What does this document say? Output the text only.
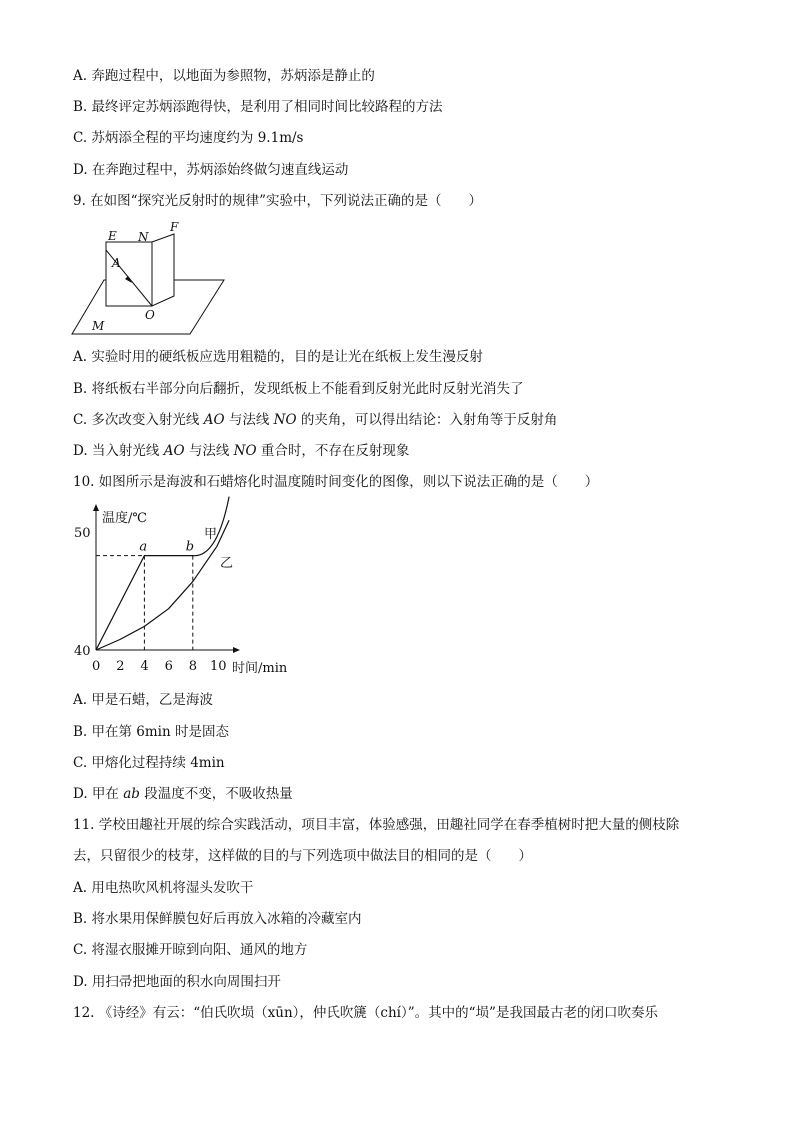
A. 奔跑过程中，以地面为参照物，苏炳添是静止的
B. 最终评定苏炳添跑得快，是利用了相同时间比较路程的方法
C. 苏炳添全程的平均速度约为 9.1m/s
D. 在奔跑过程中，苏炳添始终做匀速直线运动
9. 在如图“探究光反射时的规律”实验中，下列说法正确的是（　　）
E N
F
A
O
M
A. 实验时用的硬纸板应选用粗糙的，目的是让光在纸板上发生漫反射
B. 将纸板右半部分向后翻折，发现纸板上不能看到反射光此时反射光消失了
C. 多次改变入射光线 AO 与法线 NO 的夹角，可以得出结论：入射角等于反射角
D. 当入射光线 AO 与法线 NO 重合时，不存在反射现象
10. 如图所示是海波和石蜡熔化时温度随时间变化的图像，则以下说法正确的是（　　）
温度/℃
时间/min
40
50
0 2 4 6 8 10
a	b
甲
乙
A. 甲是石蜡，乙是海波
B. 甲在第 6min 时是固态
C. 甲熔化过程持续 4min
D. 甲在 ab 段温度不变，不吸收热量
11. 学校田趣社开展的综合实践活动，项目丰富，体验感强，田趣社同学在春季植树时把大量的侧枝除
去，只留很少的枝芽，这样做的目的与下列选项中做法目的相同的是（　　）
A. 用电热吹风机将湿头发吹干
B. 将水果用保鲜膜包好后再放入冰箱的冷藏室内
C. 将湿衣服摊开晾到向阳、通风的地方
D. 用扫帚把地面的积水向周围扫开
12. 《诗经》有云：“伯氏吹埙（xūn），仲氏吹篪（chí）”。其中的“埙”是我国最古老的闭口吹奏乐
